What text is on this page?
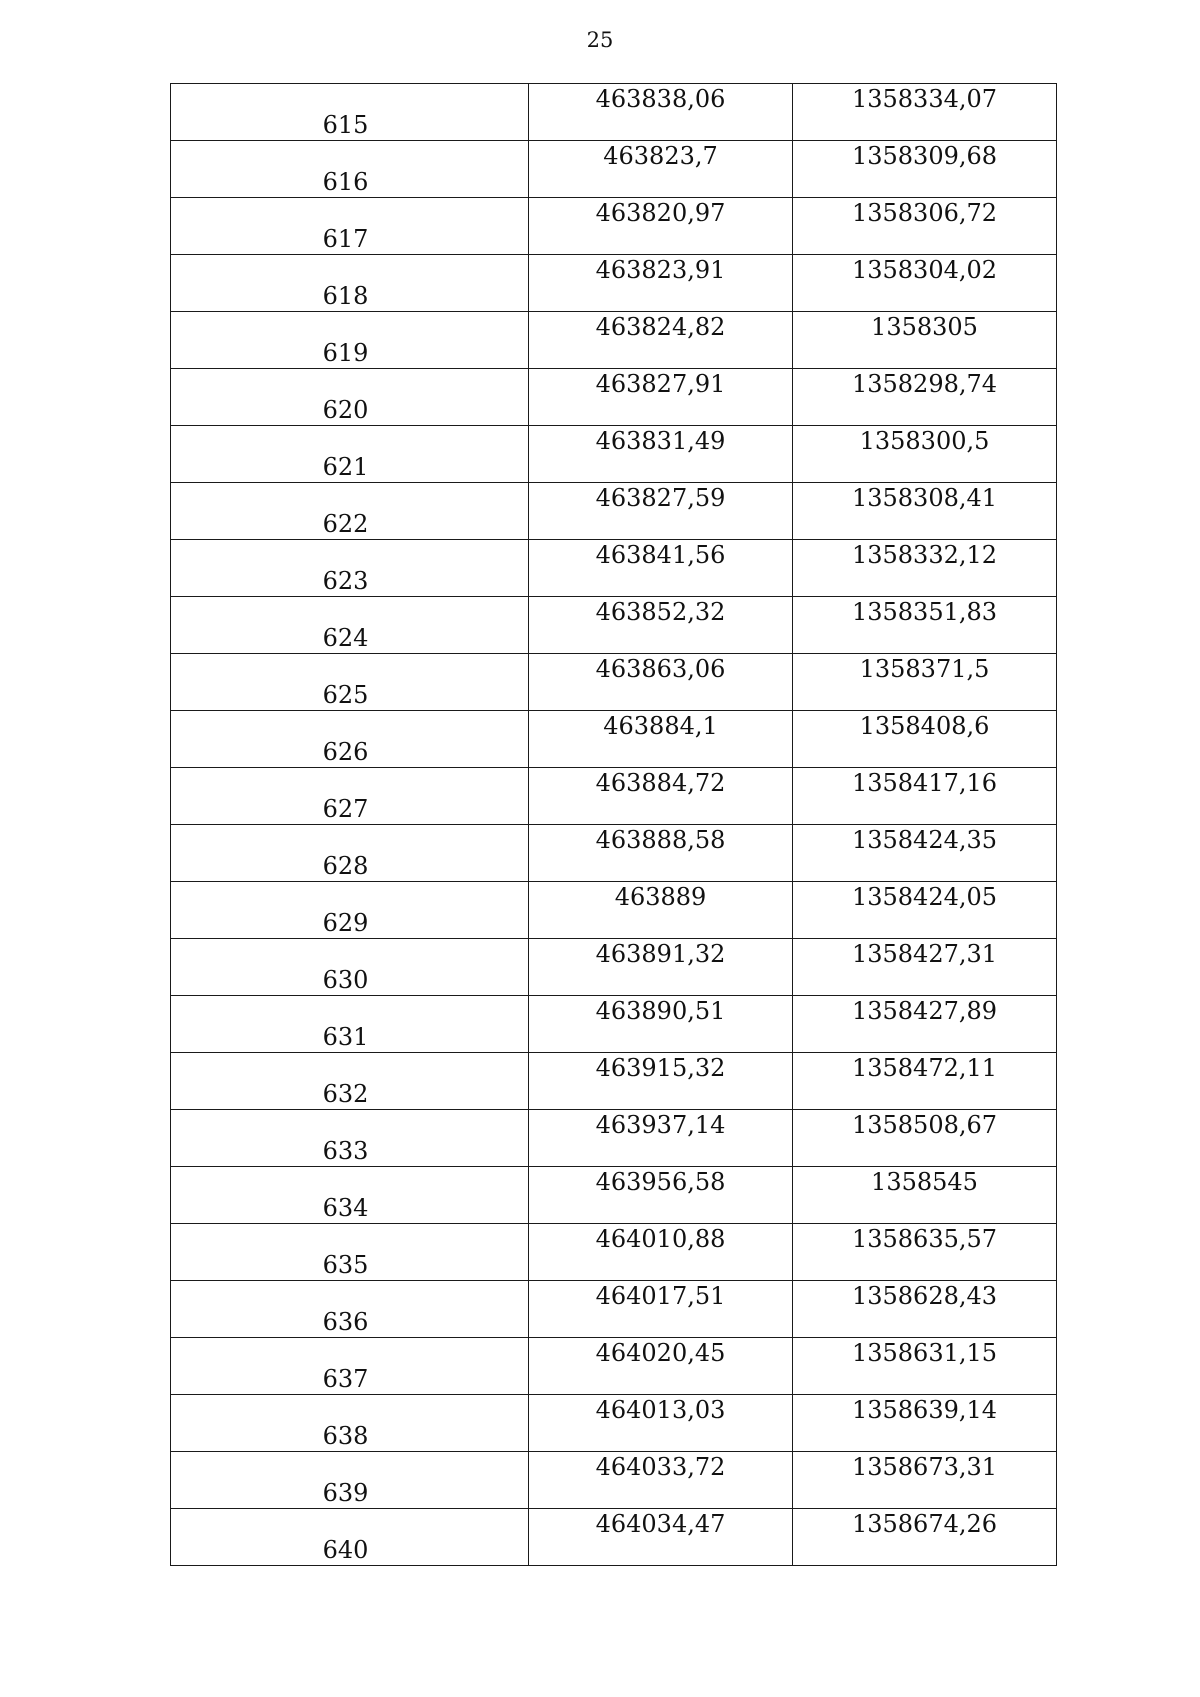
25
615	463838,06	1358334,07
616	463823,7	1358309,68
617	463820,97	1358306,72
618	463823,91	1358304,02
619	463824,82	1358305
620	463827,91	1358298,74
621	463831,49	1358300,5
622	463827,59	1358308,41
623	463841,56	1358332,12
624	463852,32	1358351,83
625	463863,06	1358371,5
626	463884,1	1358408,6
627	463884,72	1358417,16
628	463888,58	1358424,35
629	463889	1358424,05
630	463891,32	1358427,31
631	463890,51	1358427,89
632	463915,32	1358472,11
633	463937,14	1358508,67
634	463956,58	1358545
635	464010,88	1358635,57
636	464017,51	1358628,43
637	464020,45	1358631,15
638	464013,03	1358639,14
639	464033,72	1358673,31
640	464034,47	1358674,26
